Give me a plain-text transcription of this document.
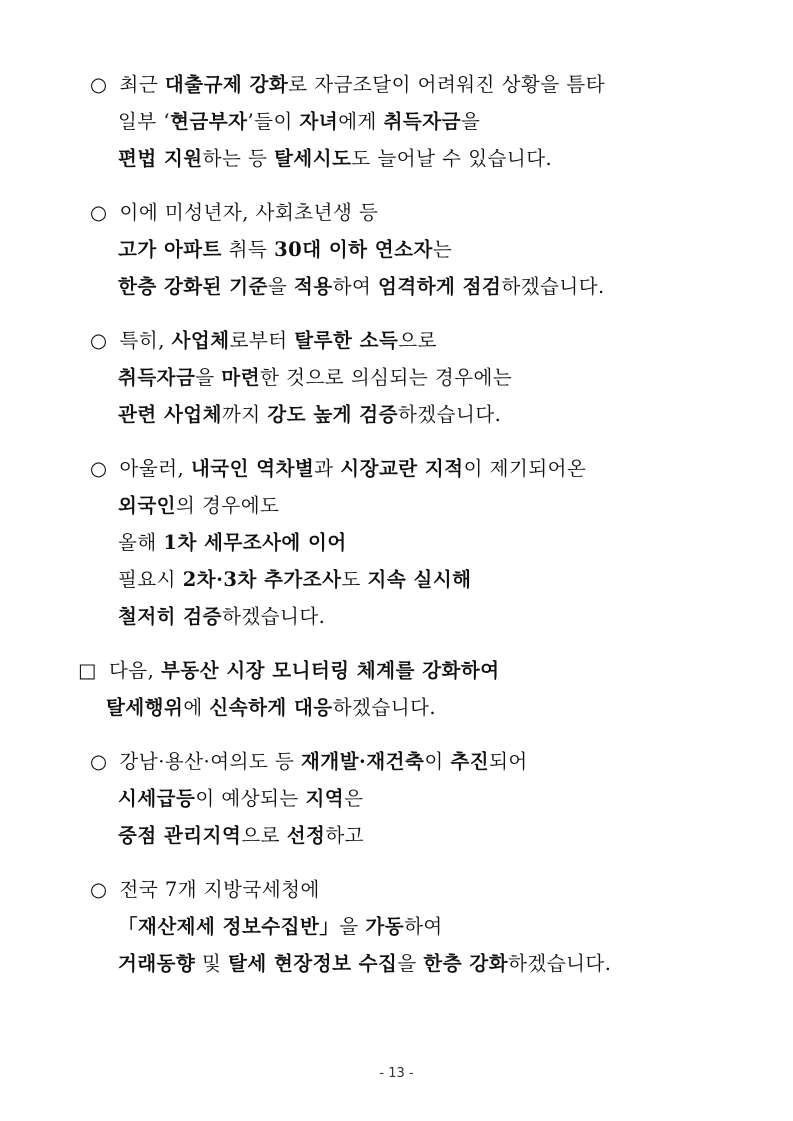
○ 최근 대출규제 강화로 자금조달이 어려워진 상황을 틈타
일부 ‘현금부자’들이 자녀에게 취득자금을
편법 지원하는 등 탈세시도도 늘어날 수 있습니다.
○ 이에 미성년자, 사회초년생 등
고가 아파트 취득 30대 이하 연소자는
한층 강화된 기준을 적용하여 엄격하게 점검하겠습니다.
○ 특히, 사업체로부터 탈루한 소득으로
취득자금을 마련한 것으로 의심되는 경우에는
관련 사업체까지 강도 높게 검증하겠습니다.
○ 아울러, 내국인 역차별과 시장교란 지적이 제기되어온
외국인의 경우에도
올해 1차 세무조사에 이어
필요시 2차·3차 추가조사도 지속 실시해
철저히 검증하겠습니다.
□ 다음, 부동산 시장 모니터링 체계를 강화하여
탈세행위에 신속하게 대응하겠습니다.
○ 강남·용산·여의도 등 재개발·재건축이 추진되어
시세급등이 예상되는 지역은
중점 관리지역으로 선정하고
○ 전국 7개 지방국세청에
「재산제세 정보수집반」을 가동하여
거래동향 및 탈세 현장정보 수집을 한층 강화하겠습니다.
- 13 -
